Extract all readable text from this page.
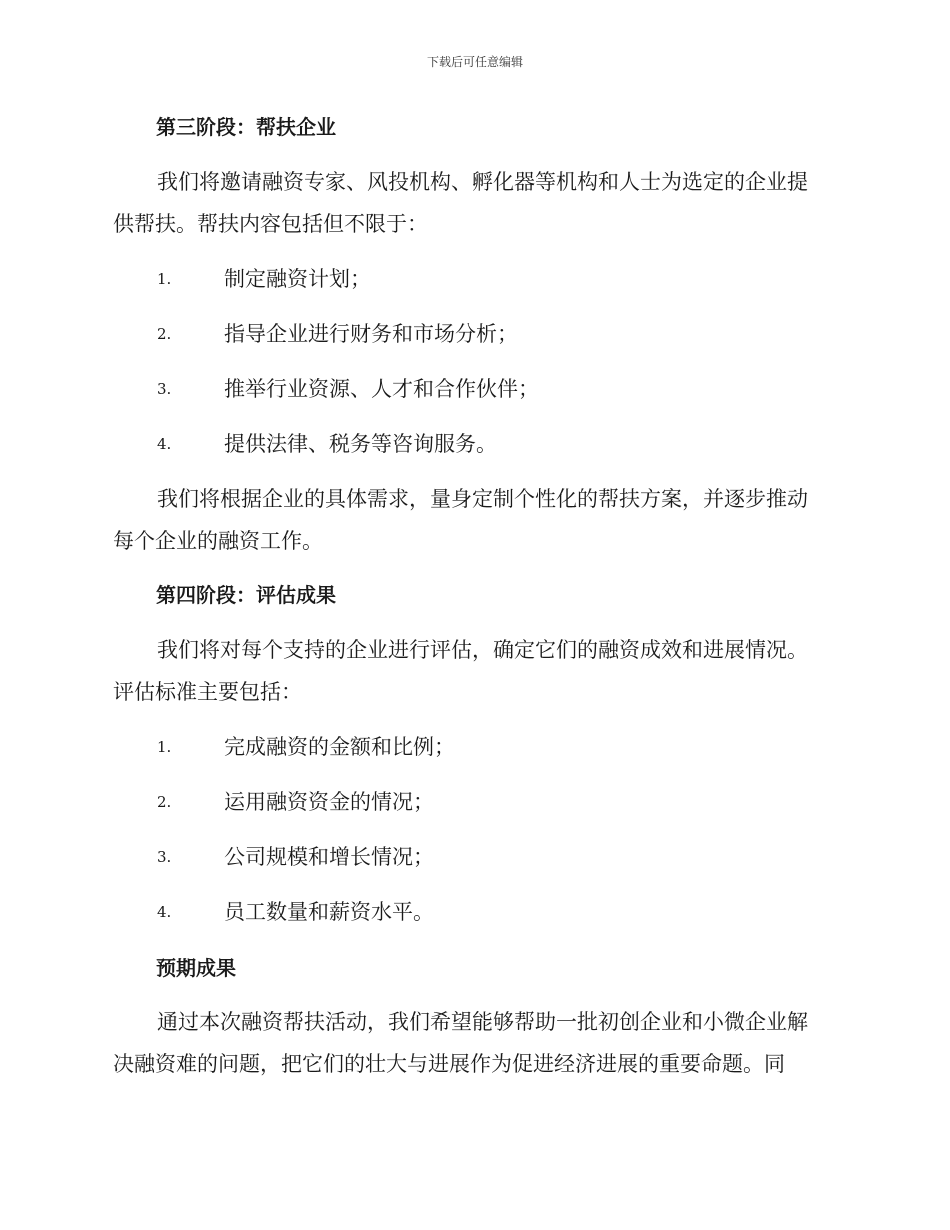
下载后可任意编辑
第三阶段：帮扶企业
我们将邀请融资专家、风投机构、孵化器等机构和人士为选定的企业提
供帮扶。帮扶内容包括但不限于：
1.	制定融资计划；
2.	指导企业进行财务和市场分析；
3.	推举行业资源、人才和合作伙伴；
4.	提供法律、税务等咨询服务。
我们将根据企业的具体需求，量身定制个性化的帮扶方案，并逐步推动
每个企业的融资工作。
第四阶段：评估成果
我们将对每个支持的企业进行评估，确定它们的融资成效和进展情况。
评估标准主要包括：
1.	完成融资的金额和比例；
2.	运用融资资金的情况；
3.	公司规模和增长情况；
4.	员工数量和薪资水平。
预期成果
通过本次融资帮扶活动，我们希望能够帮助一批初创企业和小微企业解
决融资难的问题，把它们的壮大与进展作为促进经济进展的重要命题。同
